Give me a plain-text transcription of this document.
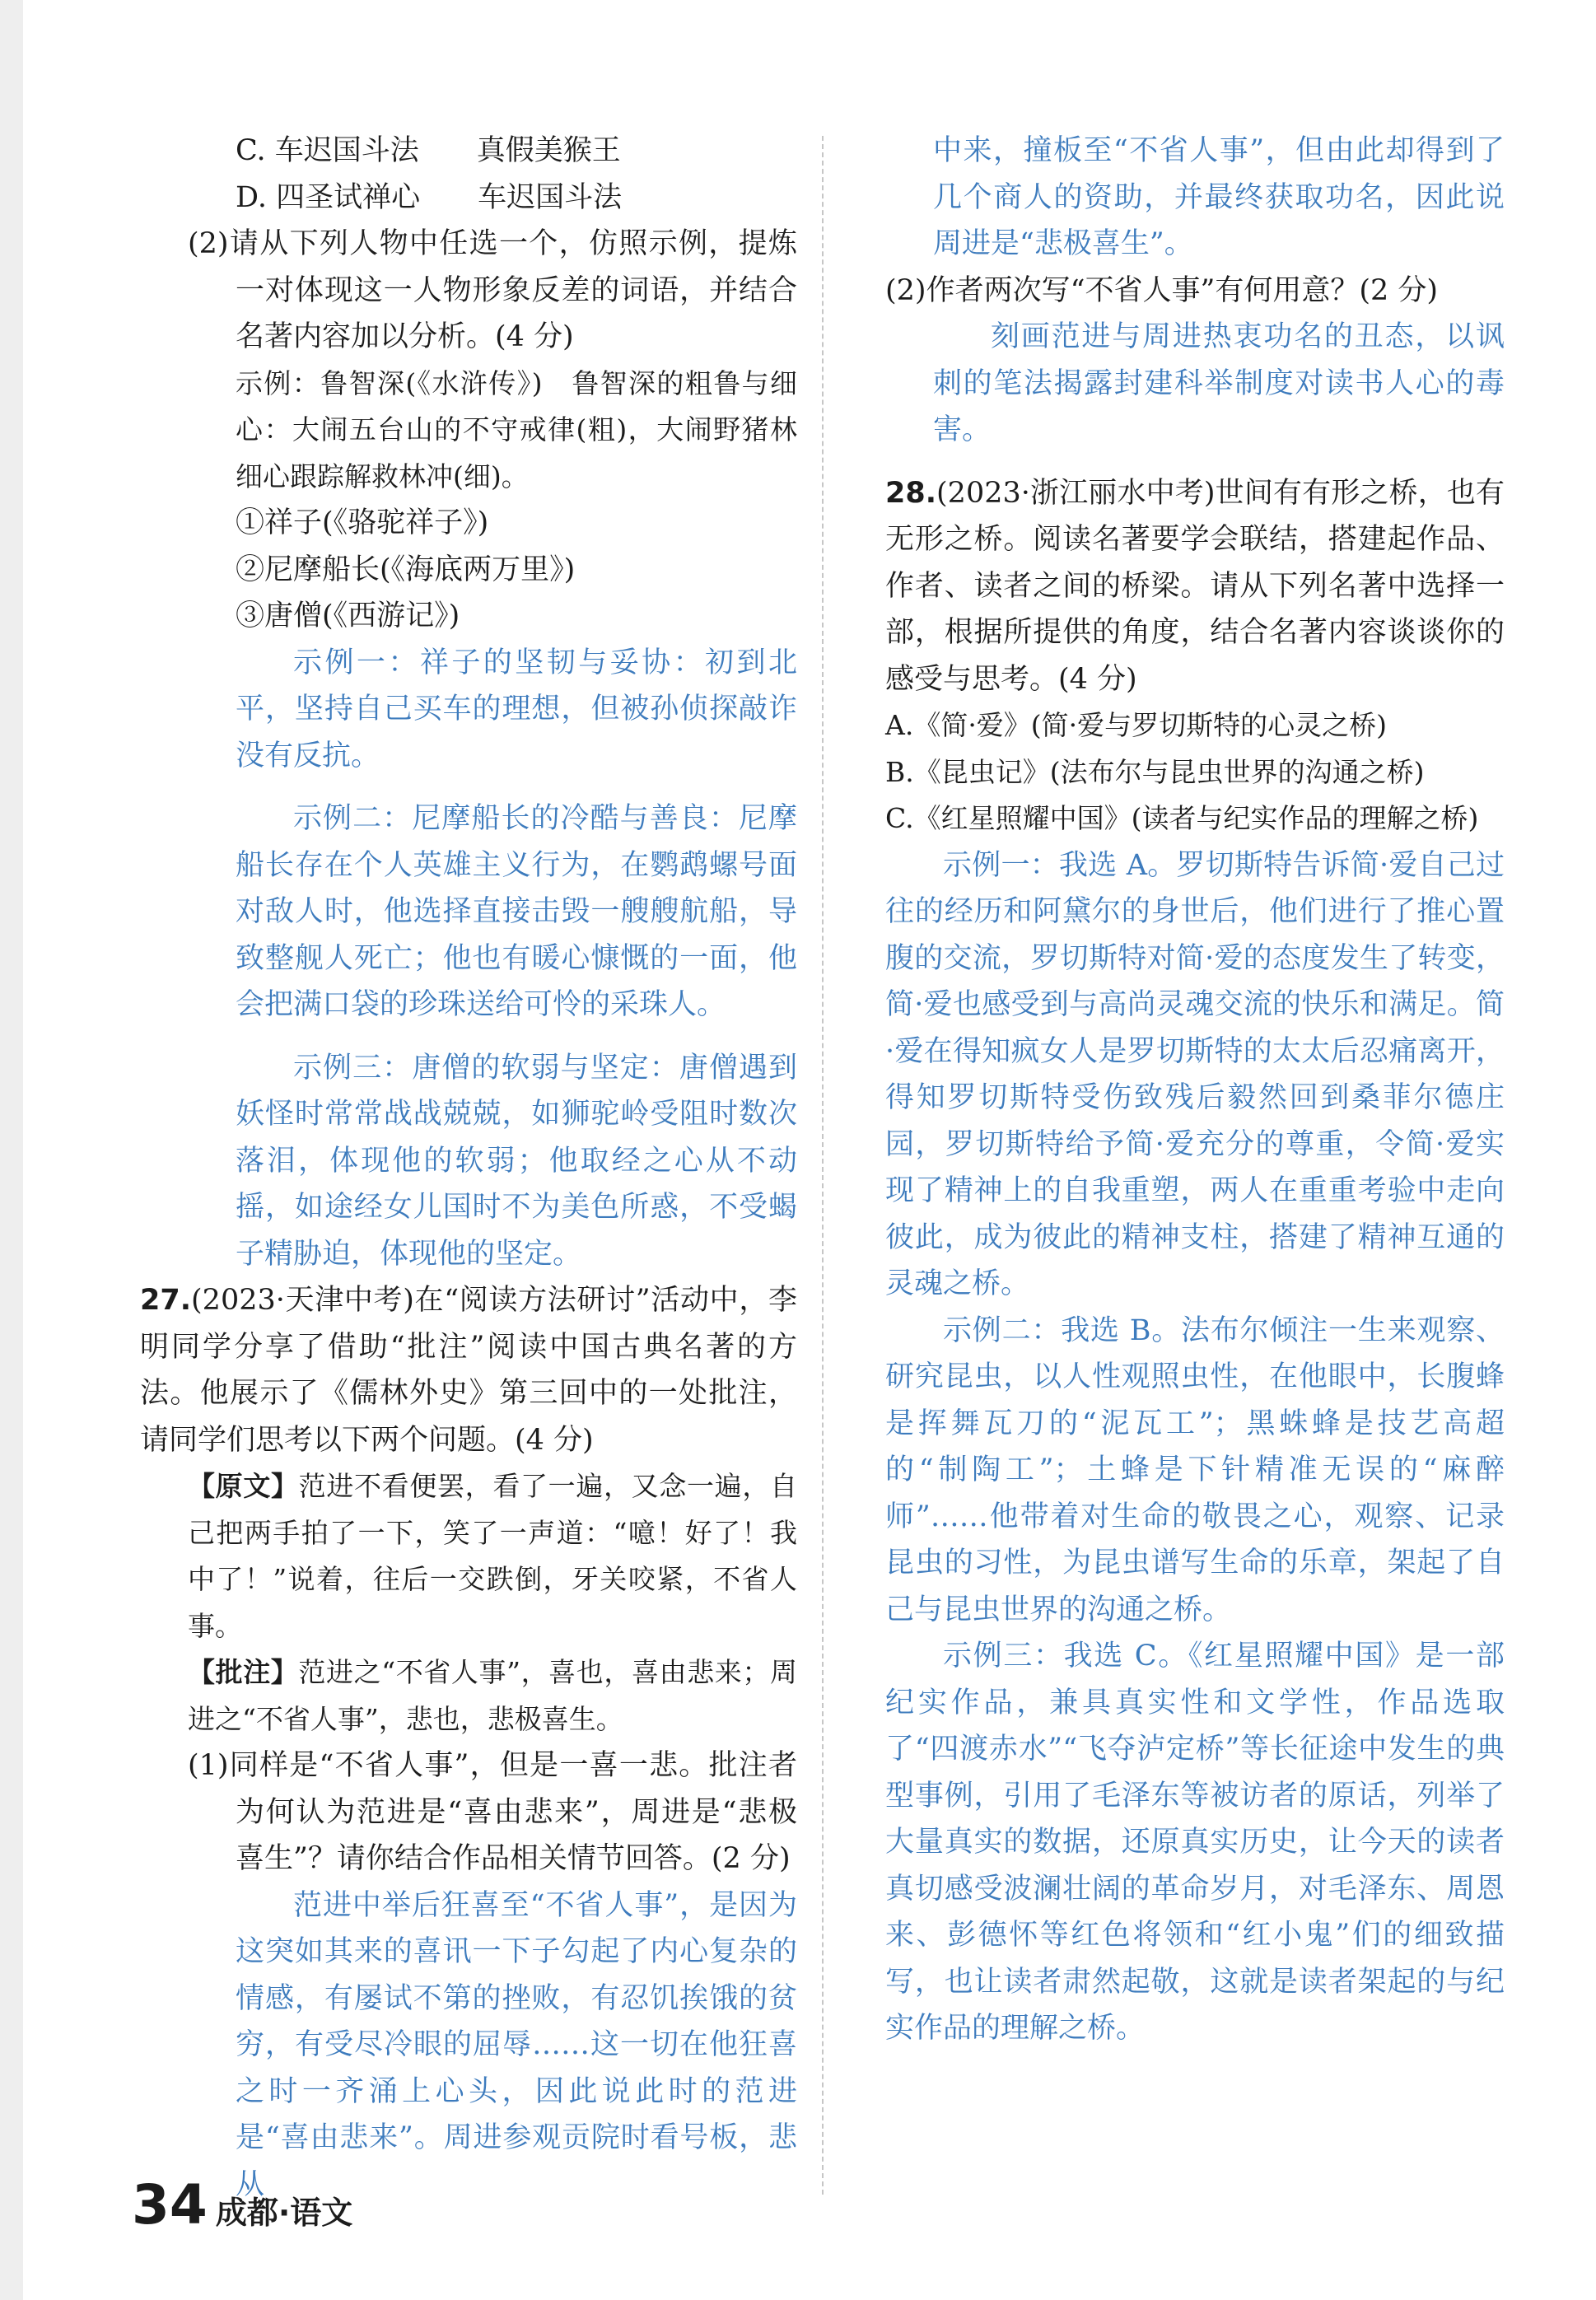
C. 车迟国斗法　　真假美猴王

D. 四圣试禅心　　车迟国斗法

(2)请从下列人物中任选一个，仿照示例，提炼一对体现这一人物形象反差的词语，并结合名著内容加以分析。(4 分)

示例：鲁智深(《水浒传》)　鲁智深的粗鲁与细心：大闹五台山的不守戒律(粗)，大闹野猪林细心跟踪解救林冲(细)。

①祥子(《骆驼祥子》)

②尼摩船长(《海底两万里》)

③唐僧(《西游记》)

示例一：祥子的坚韧与妥协：初到北平，坚持自己买车的理想，但被孙侦探敲诈没有反抗。

示例二：尼摩船长的冷酷与善良：尼摩船长存在个人英雄主义行为，在鹦鹉螺号面对敌人时，他选择直接击毁一艘艘航船，导致整舰人死亡；他也有暖心慷慨的一面，他会把满口袋的珍珠送给可怜的采珠人。

示例三：唐僧的软弱与坚定：唐僧遇到妖怪时常常战战兢兢，如狮驼岭受阻时数次落泪，体现他的软弱；他取经之心从不动摇，如途经女儿国时不为美色所惑，不受蝎子精胁迫，体现他的坚定。

27.(2023·天津中考)在“阅读方法研讨”活动中，李明同学分享了借助“批注”阅读中国古典名著的方法。他展示了《儒林外史》第三回中的一处批注，请同学们思考以下两个问题。(4 分)

【原文】范进不看便罢，看了一遍，又念一遍，自己把两手拍了一下，笑了一声道：“噫！好了！我中了！”说着，往后一交跌倒，牙关咬紧，不省人事。

【批注】范进之“不省人事”，喜也，喜由悲来；周进之“不省人事”，悲也，悲极喜生。

(1)同样是“不省人事”，但是一喜一悲。批注者为何认为范进是“喜由悲来”，周进是“悲极喜生”？请你结合作品相关情节回答。(2 分)

范进中举后狂喜至“不省人事”，是因为这突如其来的喜讯一下子勾起了内心复杂的情感，有屡试不第的挫败，有忍饥挨饿的贫穷，有受尽冷眼的屈辱……这一切在他狂喜之时一齐涌上心头，因此说此时的范进是“喜由悲来”。周进参观贡院时看号板，悲从

中来，撞板至“不省人事”，但由此却得到了几个商人的资助，并最终获取功名，因此说周进是“悲极喜生”。

(2)作者两次写“不省人事”有何用意？(2 分)

刻画范进与周进热衷功名的丑态，以讽刺的笔法揭露封建科举制度对读书人心的毒害。

28.(2023·浙江丽水中考)世间有有形之桥，也有无形之桥。阅读名著要学会联结，搭建起作品、作者、读者之间的桥梁。请从下列名著中选择一部，根据所提供的角度，结合名著内容谈谈你的感受与思考。(4 分)

A.《简·爱》(简·爱与罗切斯特的心灵之桥)

B.《昆虫记》(法布尔与昆虫世界的沟通之桥)

C.《红星照耀中国》(读者与纪实作品的理解之桥)

示例一：我选 A。罗切斯特告诉简·爱自己过往的经历和阿黛尔的身世后，他们进行了推心置腹的交流，罗切斯特对简·爱的态度发生了转变，简·爱也感受到与高尚灵魂交流的快乐和满足。简·爱在得知疯女人是罗切斯特的太太后忍痛离开，得知罗切斯特受伤致残后毅然回到桑菲尔德庄园，罗切斯特给予简·爱充分的尊重，令简·爱实现了精神上的自我重塑，两人在重重考验中走向彼此，成为彼此的精神支柱，搭建了精神互通的灵魂之桥。

示例二：我选 B。法布尔倾注一生来观察、研究昆虫，以人性观照虫性，在他眼中，长腹蜂是挥舞瓦刀的“泥瓦工”；黑蛛蜂是技艺高超的“制陶工”；土蜂是下针精准无误的“麻醉师”……他带着对生命的敬畏之心，观察、记录昆虫的习性，为昆虫谱写生命的乐章，架起了自己与昆虫世界的沟通之桥。

示例三：我选 C。《红星照耀中国》是一部纪实作品，兼具真实性和文学性，作品选取了“四渡赤水”“飞夺泸定桥”等长征途中发生的典型事例，引用了毛泽东等被访者的原话，列举了大量真实的数据，还原真实历史，让今天的读者真切感受波澜壮阔的革命岁月，对毛泽东、周恩来、彭德怀等红色将领和“红小鬼”们的细致描写，也让读者肃然起敬，这就是读者架起的与纪实作品的理解之桥。

34 成都·语文
